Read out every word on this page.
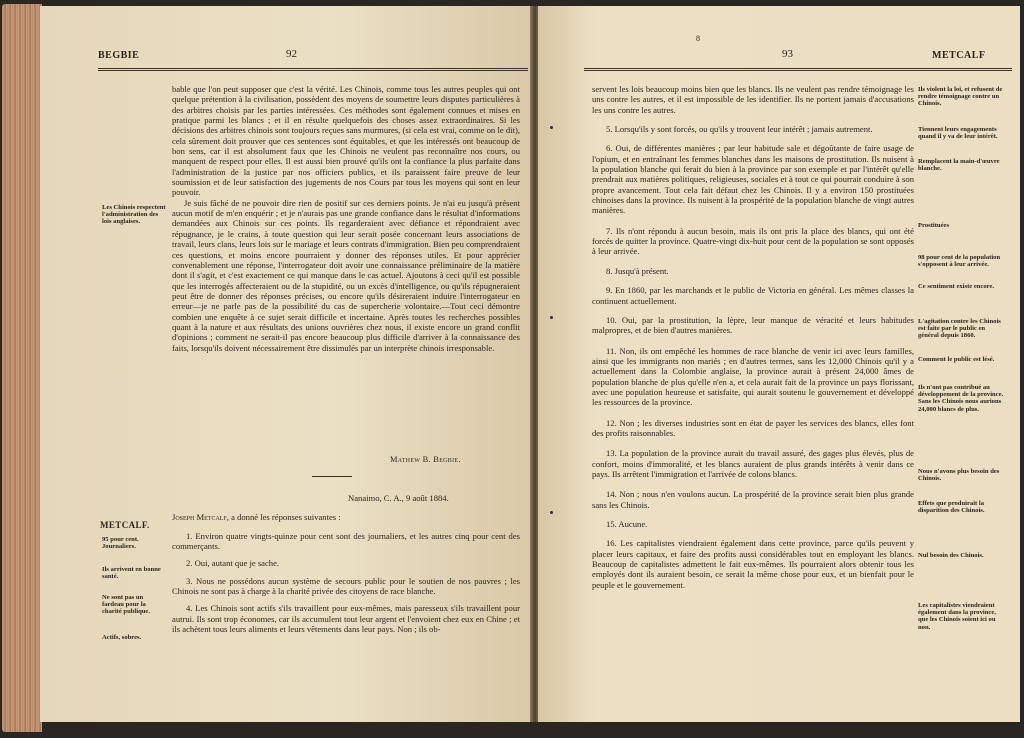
BEGBIE	92
Les Chinois respectent l'administration des lois anglaises.

bable que l'on peut supposer que c'est la vérité. Les Chinois, comme tous les autres peuples qui ont quelque prétention à la civilisation, possèdent des moyens de soumettre leurs disputes particulières à des arbitres choisis par les parties intéressées. Ces méthodes sont également connues et mises en pratique parmi les blancs ; et il en résulte quelquefois des choses assez extraordinaires. Si les décisions des arbitres chinois sont toujours reçues sans murmures, (si cela est vrai, comme on le dit), cela sûrement doit prouver que ces sentences sont équitables, et que les intéressés ont beaucoup de bon sens, car il est absolument faux que les Chinois ne veulent pas reconnaître nos cours, ou manquent de respect pour elles. Il est aussi bien prouvé qu'ils ont la confiance la plus parfaite dans l'administration de la justice par nos officiers publics, et ils paraissent faire preuve de leur soumission et de leur satisfaction des jugements de nos Cours par tous les moyens qui sont en leur pouvoir.

Je suis fâché de ne pouvoir dire rien de positif sur ces derniers points. Je n'ai eu jusqu'à présent aucun motif de m'en enquérir ; et je n'aurais pas une grande confiance dans le résultat d'informations demandées aux Chinois sur ces points. Ils regarderaient avec défiance et répondraient avec répugnance, je le crains, à toute question qui leur serait posée concernant leurs associations de travail, leurs clans, leurs lois sur le mariage et leurs contrats d'immigration. Bien peu comprendraient ces questions, et moins encore pourraient y donner des réponses utiles. Et pour apprécier convenablement une réponse, l'interrogateur doit avoir une connaissance préliminaire de la matière dont il s'agit, et c'est exactement ce qui manque dans le cas actuel. Ajoutons à ceci qu'il est possible que les interrogés affecteraient ou de la stupidité, ou un excès d'intelligence, ou qu'ils répugneraient peut être de donner des réponses précises, ou encore qu'ils désireraient induire l'interrogateur en erreur—je ne parle pas de la possibilité du cas de supercherie volontaire.—Tout ceci démontre combien une enquête à ce sujet serait difficile et incertaine. Après toutes les recherches possibles quant à la nature et aux résultats des unions ouvrières chez nous, il existe encore un grand conflit d'opinions ; comment ne serait-il pas encore beaucoup plus difficile d'arriver à la connaissance des faits, lorsqu'ils doivent nécessairement être dissimulés par un interprète chinois irresponsable.

Mathew B. Begbie.
Nanaimo, C. A., 9 août 1884.
METCALF.
Joseph Metcalf, a donné les réponses suivantes :
95 pour cent. Journaliers.
Ils arrivent en bonne santé.
Ne sont pas un fardeau pour la charité publique.
Actifs, sobres.

1. Environ quatre vingts-quinze pour cent sont des journaliers, et les autres cinq pour cent des commerçants.

2. Oui, autant que je sache.

3. Nous ne possédons aucun système de secours public pour le soutien de nos pauvres ; les Chinois ne sont pas à charge à la charité privée des citoyens de race blanche.

4. Les Chinois sont actifs s'ils travaillent pour eux-mêmes, mais paresseux s'ils travaillent pour autrui. Ils sont trop économes, car ils accumulent tout leur argent et l'envoient chez eux en Chine ; et ils achètent tous leurs aliments et leurs vêtements dans leur pays. Non ; ils ob-

8
93	METCALF

servent les lois beaucoup moins bien que les blancs. Ils ne veulent pas rendre témoignage les uns contre les autres, et il est impossible de les identifier. Ils ne portent jamais d'accusations les uns contre les autres.

5. Lorsqu'ils y sont forcés, ou qu'ils y trouvent leur intérêt ; jamais autrement.

6. Oui, de différentes manières ; par leur habitude sale et dégoûtante de faire usage de l'opium, et en entraînant les femmes blanches dans les maisons de prostitution. Ils nuisent à la population blanche qui ferait du bien à la province par son exemple et par l'intérêt qu'elle prendrait aux matières politiques, religieuses, sociales et à tout ce qui pourrait conduire à son propre avancement. Tout cela fait défaut chez les Chinois. Il y a environ 150 prostituées chinoises dans la province. Ils nuisent à la prospérité de la population blanche de vingt autres manières.

7. Ils n'ont répondu à aucun besoin, mais ils ont pris la place des blancs, qui ont été forcés de quitter la province. Quatre-vingt dix-huit pour cent de la population se sont opposés à leur arrivée.

8. Jusqu'à présent.

9. En 1860, par les marchands et le public de Victoria en général. Les mêmes classes la continuent actuellement.

10. Oui, par la prostitution, la lèpre, leur manque de véracité et leurs habitudes malpropres, et de bien d'autres manières.

11. Non, ils ont empêché les hommes de race blanche de venir ici avec leurs familles, ainsi que les immigrants non mariés ; en d'autres termes, sans les 12,000 Chinois qu'il y a actuellement dans la Colombie anglaise, la province aurait à présent 24,000 âmes de population blanche de plus qu'elle n'en a, et cela aurait fait de la province un pays florissant, avec une population heureuse et satisfaite, qui aurait soutenu le gouvernement et développé les ressources de la province.

12. Non ; les diverses industries sont en état de payer les services des blancs, elles font des profits raisonnables.

13. La population de la province aurait du travail assuré, des gages plus élevés, plus de confort, moins d'immoralité, et les blancs auraient de plus grands intérêts à venir dans ce pays. Ils arrêtent l'immigration et l'arrivée de colons blancs.

14. Non ; nous n'en voulons aucun. La prospérité de la province serait bien plus grande sans les Chinois.

15. Aucune.

16. Les capitalistes viendraient également dans cette province, parce qu'ils peuvent y placer leurs capitaux, et faire des profits aussi considérables tout en employant les blancs. Beaucoup de capitalistes admettent le fait eux-mêmes. Ils pourraient alors obtenir tous les employés dont ils auraient besoin, ce serait la même chose pour eux, et un bienfait pour le peuple et le gouvernement.

Ils violent la loi, et refusent de rendre témoignage contre un Chinois.
Tiennent leurs engagements quand il y va de leur intérêt.
Remplacent la main-d'œuvre blanche.
Prostituées
98 pour cent de la population s'opposent à leur arrivée.
Ce sentiment existe encore.
L'agitation contre les Chinois est faite par le public en général depuis 1860.
Comment le public est lésé.
Ils n'ont pas contribué au développement de la province. Sans les Chinois nous aurions 24,000 blancs de plus.
Nous n'avons plus besoin des Chinois.
Effets que produirait la disparition des Chinois.
Nul besoin des Chinois.
Les capitalistes viendraient également dans la province, que les Chinois soient ici ou non.
